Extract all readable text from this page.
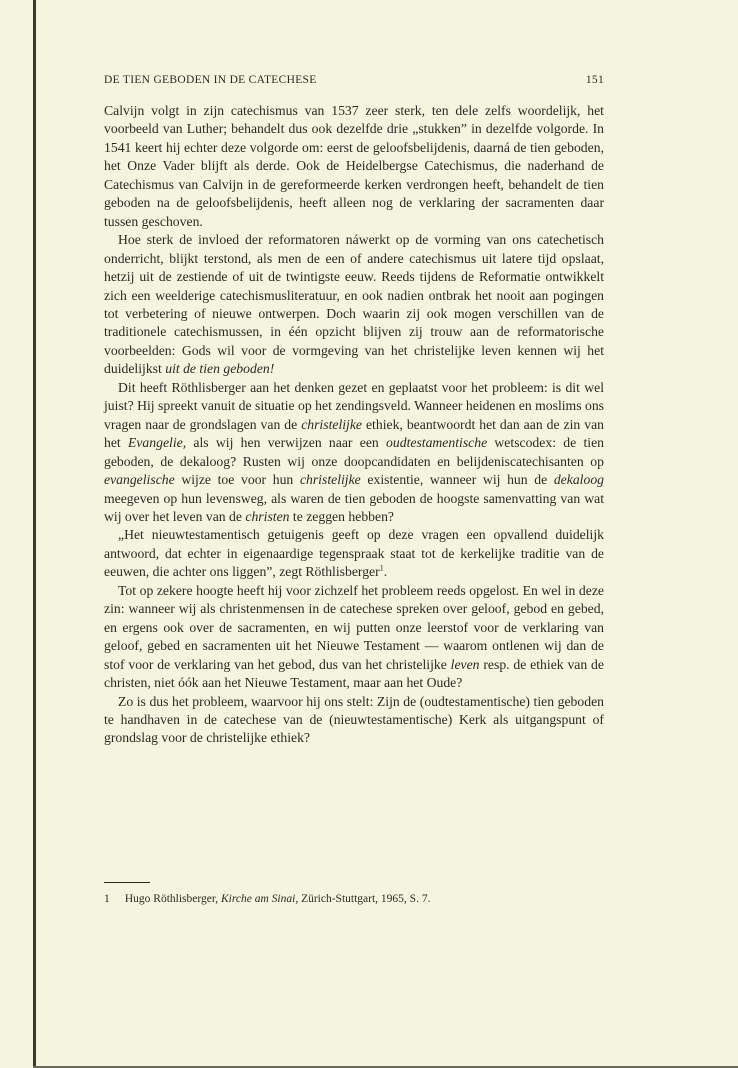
DE TIEN GEBODEN IN DE CATECHESE	151

Calvijn volgt in zijn catechismus van 1537 zeer sterk, ten dele zelfs woordelijk, het voorbeeld van Luther; behandelt dus ook dezelfde drie „stukken” in dezelfde volgorde. In 1541 keert hij echter deze volgorde om: eerst de geloofsbelijdenis, daarná de tien geboden, het Onze Vader blijft als derde. Ook de Heidelbergse Catechismus, die naderhand de Catechismus van Calvijn in de gereformeerde kerken verdrongen heeft, behandelt de tien geboden na de geloofsbelijdenis, heeft alleen nog de verklaring der sacramenten daar tussen geschoven.

Hoe sterk de invloed der reformatoren náwerkt op de vorming van ons catechetisch onderricht, blijkt terstond, als men de een of andere catechismus uit latere tijd opslaat, hetzij uit de zestiende of uit de twintigste eeuw. Reeds tijdens de Reformatie ontwikkelt zich een weelderige catechismusliteratuur, en ook nadien ontbrak het nooit aan pogingen tot verbetering of nieuwe ontwerpen. Doch waarin zij ook mogen verschillen van de traditionele catechismussen, in één opzicht blijven zij trouw aan de reformatorische voorbeelden: Gods wil voor de vormgeving van het christelijke leven kennen wij het duidelijkst uit de tien geboden!

Dit heeft Röthlisberger aan het denken gezet en geplaatst voor het probleem: is dit wel juist? Hij spreekt vanuit de situatie op het zendingsveld. Wanneer heidenen en moslims ons vragen naar de grondslagen van de christelijke ethiek, beantwoordt het dan aan de zin van het Evangelie, als wij hen verwijzen naar een oudtestamentische wetscodex: de tien geboden, de dekaloog? Rusten wij onze doopcandidaten en belijdeniscatechisanten op evangelische wijze toe voor hun christelijke existentie, wanneer wij hun de dekaloog meegeven op hun levensweg, als waren de tien geboden de hoogste samenvatting van wat wij over het leven van de christen te zeggen hebben?

„Het nieuwtestamentisch getuigenis geeft op deze vragen een opvallend duidelijk antwoord, dat echter in eigenaardige tegenspraak staat tot de kerkelijke traditie van de eeuwen, die achter ons liggen”, zegt Röthlisberger$^1$.

Tot op zekere hoogte heeft hij voor zichzelf het probleem reeds opgelost. En wel in deze zin: wanneer wij als christenmensen in de catechese spreken over geloof, gebod en gebed, en ergens ook over de sacramenten, en wij putten onze leerstof voor de verklaring van geloof, gebed en sacramenten uit het Nieuwe Testament — waarom ontlenen wij dan de stof voor de verklaring van het gebod, dus van het christelijke leven resp. de ethiek van de christen, niet óók aan het Nieuwe Testament, maar aan het Oude?

Zo is dus het probleem, waarvoor hij ons stelt: Zijn de (oudtestamentische) tien geboden te handhaven in de catechese van de (nieuwtestamentische) Kerk als uitgangspunt of grondslag voor de christelijke ethiek?

1 Hugo Röthlisberger, Kirche am Sinai, Zürich-Stuttgart, 1965, S. 7.
